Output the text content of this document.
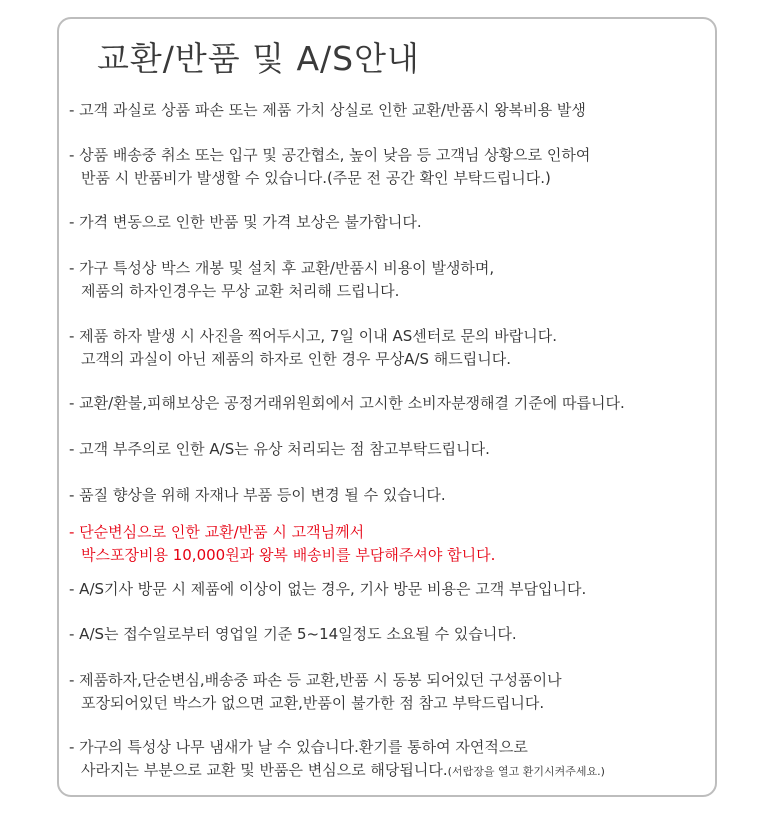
교환/반품 및 A/S안내
- 고객 과실로 상품 파손 또는 제품 가치 상실로 인한 교환/반품시 왕복비용 발생
- 상품 배송중 취소 또는 입구 및 공간협소, 높이 낮음 등 고객님 상황으로 인하여
반품 시 반품비가 발생할 수 있습니다.(주문 전 공간 확인 부탁드립니다.)
- 가격 변동으로 인한 반품 및 가격 보상은 불가합니다.
- 가구 특성상 박스 개봉 및 설치 후 교환/반품시 비용이 발생하며,
제품의 하자인경우는 무상 교환 처리해 드립니다.
- 제품 하자 발생 시 사진을 찍어두시고, 7일 이내 AS센터로 문의 바랍니다.
고객의 과실이 아닌 제품의 하자로 인한 경우 무상A/S 해드립니다.
- 교환/환불,피해보상은 공정거래위원회에서 고시한 소비자분쟁해결 기준에 따릅니다.
- 고객 부주의로 인한 A/S는 유상 처리되는 점 참고부탁드립니다.
- 품질 향상을 위해 자재나 부품 등이 변경 될 수 있습니다.
- 단순변심으로 인한 교환/반품 시 고객님께서
박스포장비용 10,000원과 왕복 배송비를 부담해주셔야 합니다.
- A/S기사 방문 시 제품에 이상이 없는 경우, 기사 방문 비용은 고객 부담입니다.
- A/S는 접수일로부터 영업일 기준 5~14일정도 소요될 수 있습니다.
- 제품하자,단순변심,배송중 파손 등 교환,반품 시 동봉 되어있던 구성품이나
포장되어있던 박스가 없으면 교환,반품이 불가한 점 참고 부탁드립니다.
- 가구의 특성상 나무 냄새가 날 수 있습니다.환기를 통하여 자연적으로
사라지는 부분으로 교환 및 반품은 변심으로 해당됩니다.(서랍장을 열고 환기시켜주세요.)
